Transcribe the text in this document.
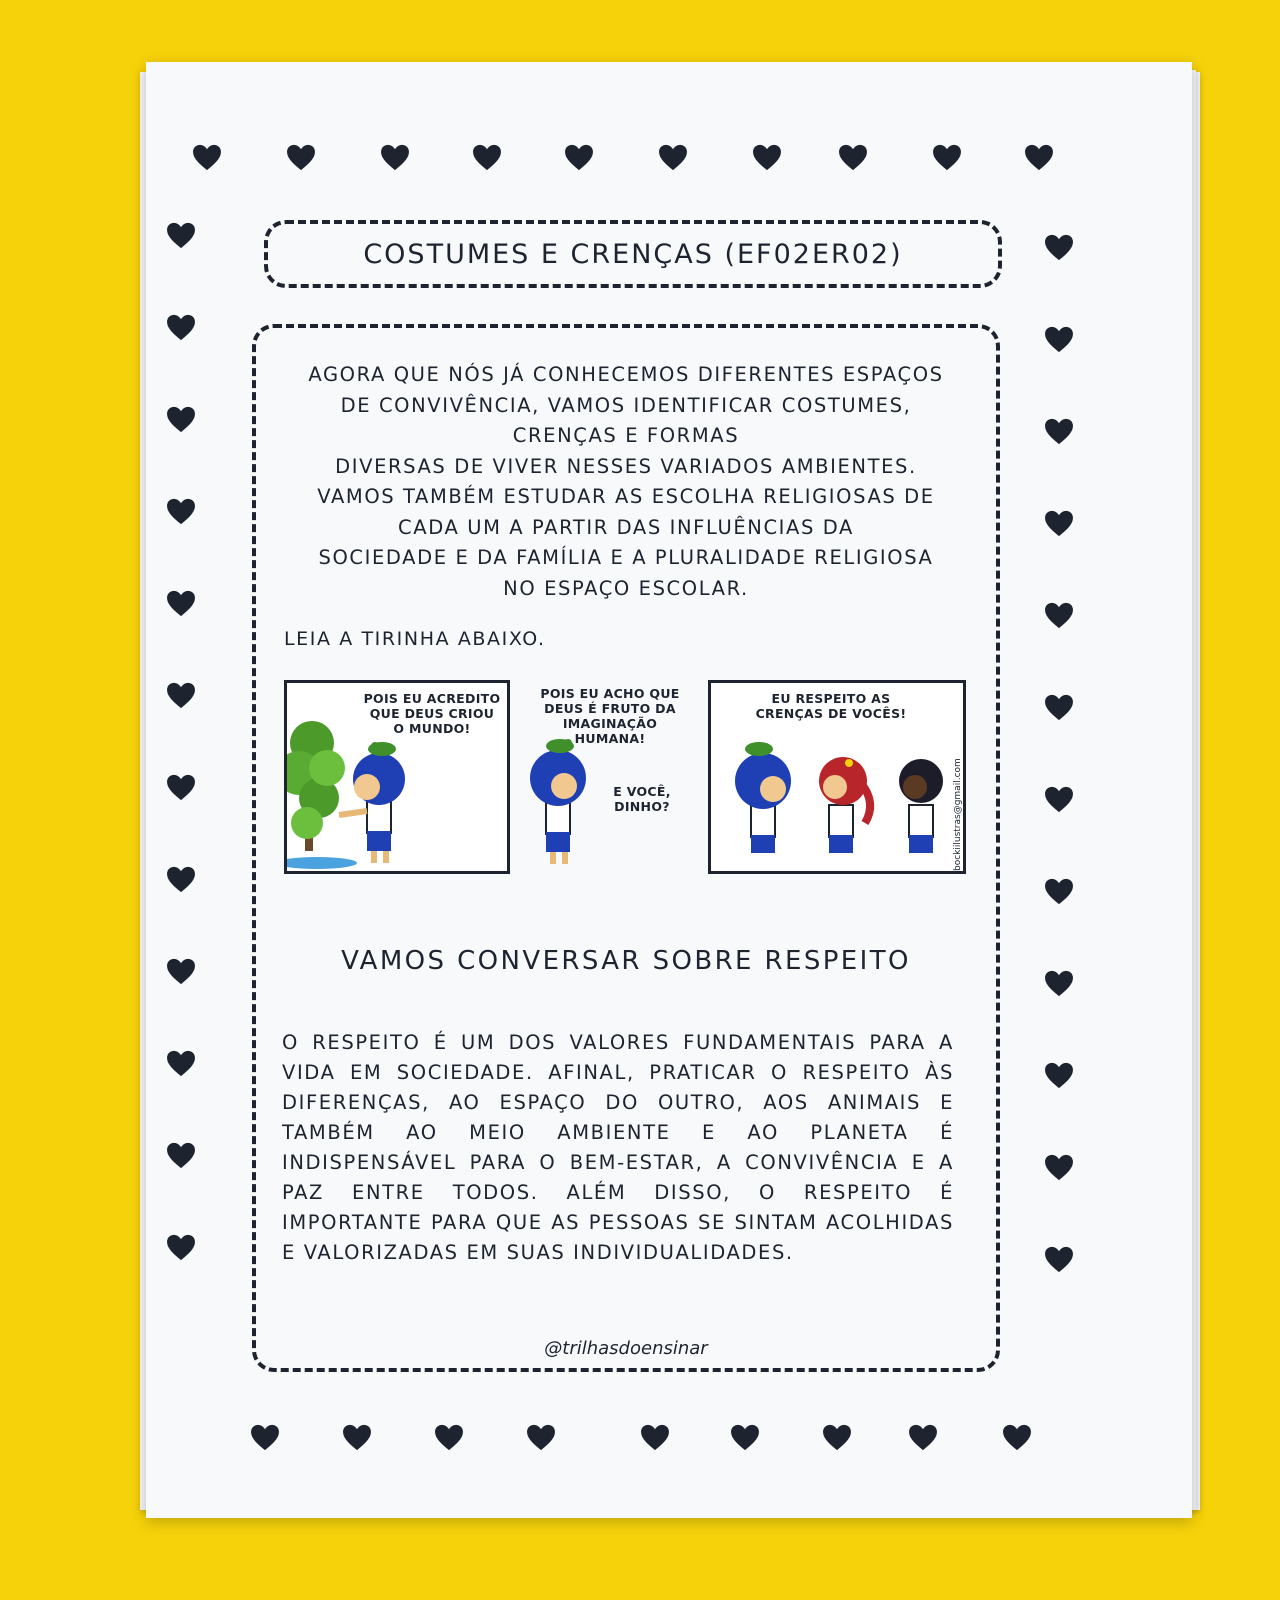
COSTUMES E CRENÇAS (EF02ER02)

AGORA QUE NÓS JÁ CONHECEMOS DIFERENTES ESPAÇOS
DE CONVIVÊNCIA, VAMOS IDENTIFICAR COSTUMES,
CRENÇAS E FORMAS
DIVERSAS DE VIVER NESSES VARIADOS AMBIENTES.
VAMOS TAMBÉM ESTUDAR AS ESCOLHA RELIGIOSAS DE
CADA UM A PARTIR DAS INFLUÊNCIAS DA
SOCIEDADE E DA FAMÍLIA E A PLURALIDADE RELIGIOSA
NO ESPAÇO ESCOLAR.

LEIA A TIRINHA ABAIXO.
POIS EU ACREDITO QUE DEUS CRIOU O MUNDO!
POIS EU ACHO QUE DEUS É FRUTO DA IMAGINAÇÃO HUMANA!
E VOCÊ, DINHO?
EU RESPEITO AS CRENÇAS DE VOCÊS!
bockiilustras@gmail.com
VAMOS CONVERSAR SOBRE RESPEITO

O RESPEITO É UM DOS VALORES FUNDAMENTAIS PARA A VIDA EM SOCIEDADE. AFINAL, PRATICAR O RESPEITO ÀS DIFERENÇAS, AO ESPAÇO DO OUTRO, AOS ANIMAIS E TAMBÉM AO MEIO AMBIENTE E AO PLANETA É INDISPENSÁVEL PARA O BEM-ESTAR, A CONVIVÊNCIA E A PAZ ENTRE TODOS. ALÉM DISSO, O RESPEITO É IMPORTANTE PARA QUE AS PESSOAS SE SINTAM ACOLHIDAS E VALORIZADAS EM SUAS INDIVIDUALIDADES.

@trilhasdoensinar
